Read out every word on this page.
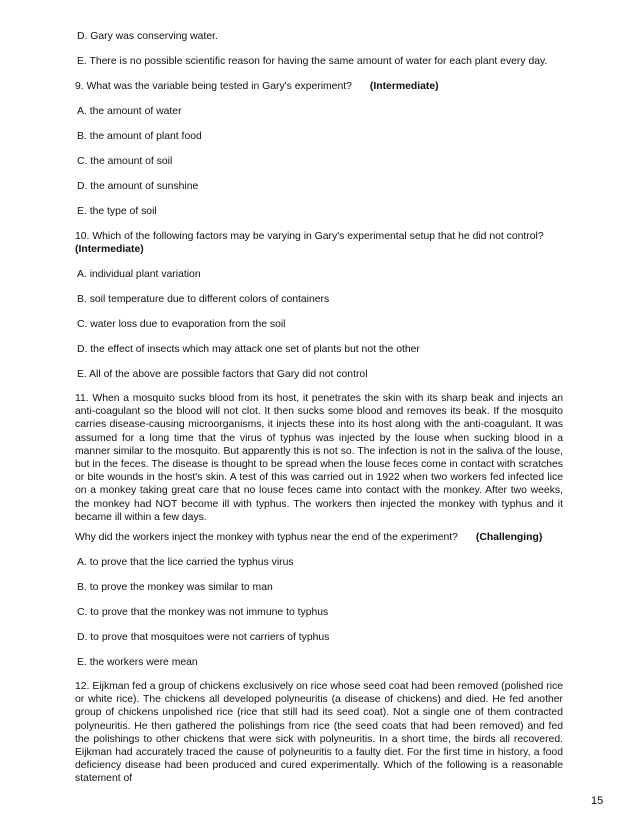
D. Gary was conserving water.
E. There is no possible scientific reason for having the same amount of water for each plant every day.
9. What was the variable being tested in Gary's experiment? (Intermediate)
A. the amount of water
B. the amount of plant food
C. the amount of soil
D. the amount of sunshine
E. the type of soil
10. Which of the following factors may be varying in Gary's experimental setup that he did not control?
(Intermediate)
A. individual plant variation
B. soil temperature due to different colors of containers
C. water loss due to evaporation from the soil
D. the effect of insects which may attack one set of plants but not the other
E. All of the above are possible factors that Gary did not control
11. When a mosquito sucks blood from its host, it penetrates the skin with its sharp beak and injects an anti-coagulant so the blood will not clot. It then sucks some blood and removes its beak. If the mosquito carries disease-causing microorganisms, it injects these into its host along with the anti-coagulant. It was assumed for a long time that the virus of typhus was injected by the louse when sucking blood in a manner similar to the mosquito. But apparently this is not so. The infection is not in the saliva of the louse, but in the feces. The disease is thought to be spread when the louse feces come in contact with scratches or bite wounds in the host's skin. A test of this was carried out in 1922 when two workers fed infected lice on a monkey taking great care that no louse feces came into contact with the monkey. After two weeks, the monkey had NOT become ill with typhus. The workers then injected the monkey with typhus and it became ill within a few days.
Why did the workers inject the monkey with typhus near the end of the experiment? (Challenging)
A. to prove that the lice carried the typhus virus
B. to prove the monkey was similar to man
C. to prove that the monkey was not immune to typhus
D. to prove that mosquitoes were not carriers of typhus
E. the workers were mean
12. Eijkman fed a group of chickens exclusively on rice whose seed coat had been removed (polished rice or white rice). The chickens all developed polyneuritis (a disease of chickens) and died. He fed another group of chickens unpolished rice (rice that still had its seed coat). Not a single one of them contracted polyneuritis. He then gathered the polishings from rice (the seed coats that had been removed) and fed the polishings to other chickens that were sick with polyneuritis. In a short time, the birds all recovered. Eijkman had accurately traced the cause of polyneuritis to a faulty diet. For the first time in history, a food deficiency disease had been produced and cured experimentally. Which of the following is a reasonable statement of
15
